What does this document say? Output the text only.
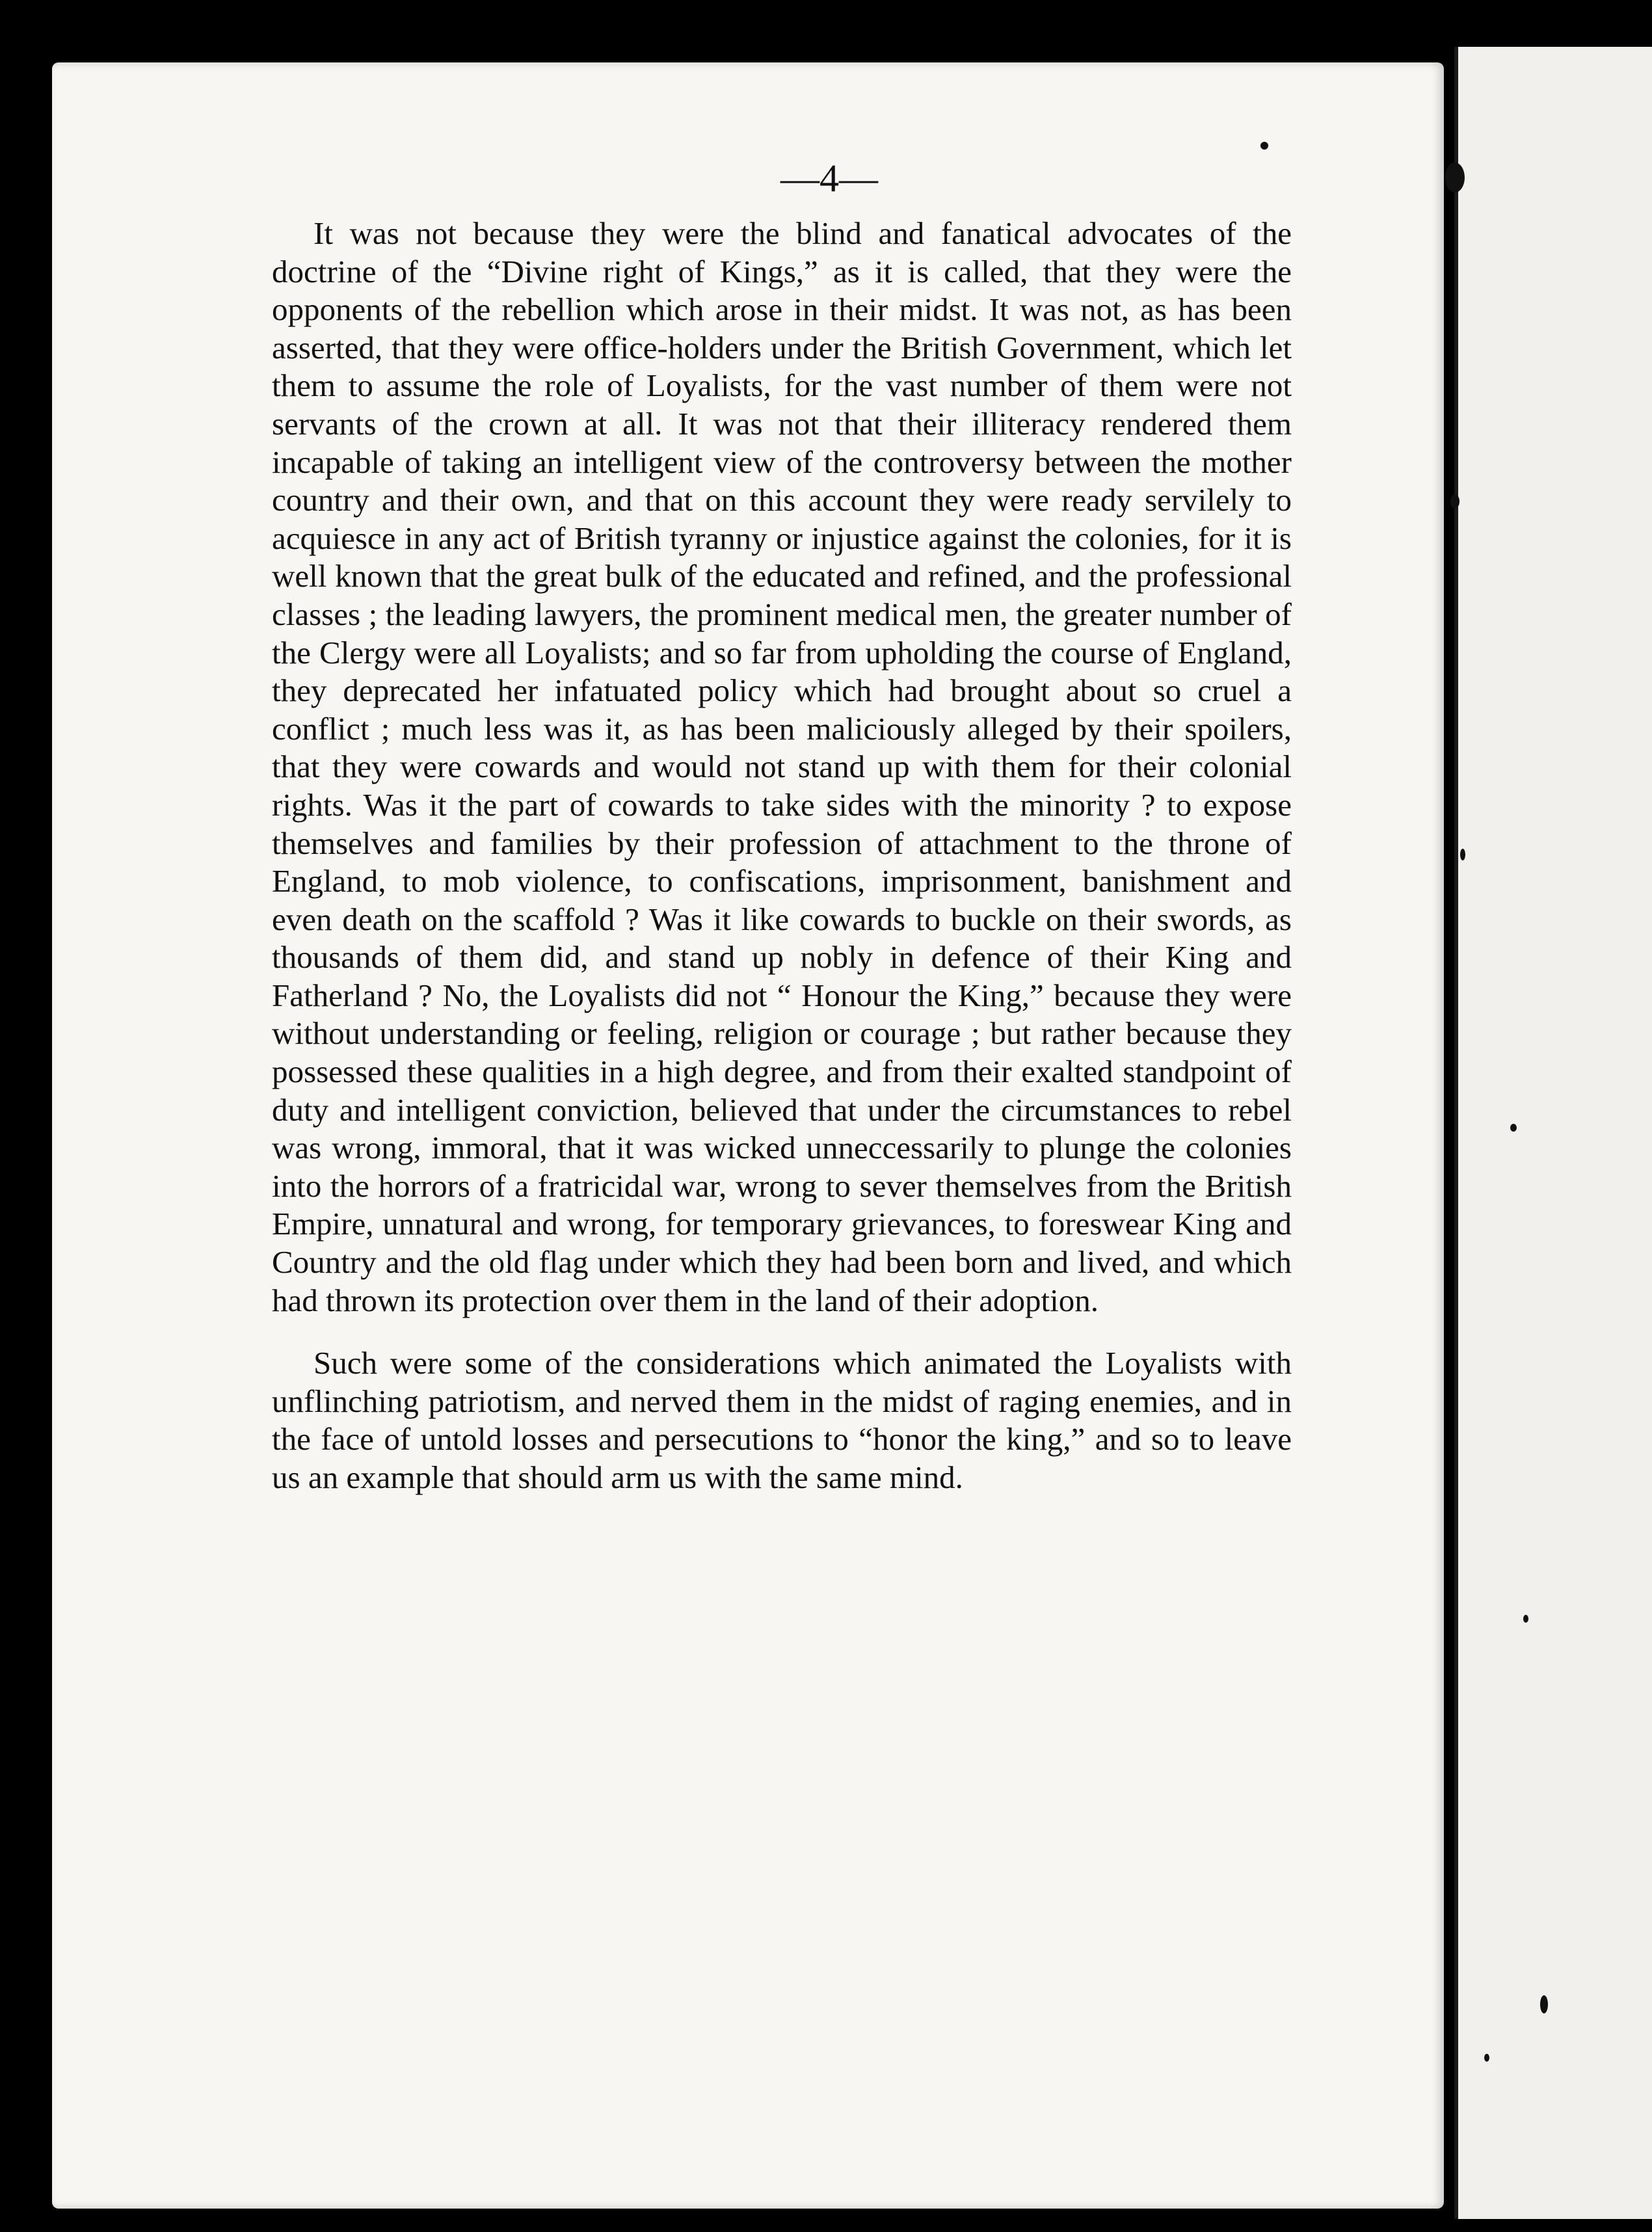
—4—

It was not because they were the blind and fanatical advocates of the doctrine of the “Divine right of Kings,” as it is called, that they were the opponents of the rebellion which arose in their midst. It was not, as has been asserted, that they were office-holders under the British Government, which let them to assume the role of Loyalists, for the vast number of them were not servants of the crown at all. It was not that their illiteracy rendered them incapable of taking an intelligent view of the controversy between the mother country and their own, and that on this account they were ready servilely to acquiesce in any act of British tyranny or injustice against the colonies, for it is well known that the great bulk of the educated and refined, and the professional classes ; the leading lawyers, the prominent medical men, the greater number of the Clergy were all Loyalists; and so far from upholding the course of England, they deprecated her infatuated policy which had brought about so cruel a conflict ; much less was it, as has been maliciously alleged by their spoilers, that they were cowards and would not stand up with them for their colonial rights. Was it the part of cowards to take sides with the minority ? to expose themselves and families by their profession of attachment to the throne of England, to mob violence, to confiscations, imprisonment, banishment and even death on the scaffold ? Was it like cowards to buckle on their swords, as thousands of them did, and stand up nobly in defence of their King and Fatherland ? No, the Loyalists did not “ Honour the King,” because they were without understanding or feeling, religion or courage ; but rather because they possessed these qualities in a high degree, and from their exalted standpoint of duty and intelligent conviction, believed that under the circumstances to rebel was wrong, immoral, that it was wicked unneccessarily to plunge the colonies into the horrors of a fratricidal war, wrong to sever themselves from the British Empire, unnatural and wrong, for temporary grievances, to foreswear King and Country and the old flag under which they had been born and lived, and which had thrown its protection over them in the land of their adoption.

Such were some of the considerations which animated the Loyalists with unflinching patriotism, and nerved them in the midst of raging enemies, and in the face of untold losses and persecutions to “honor the king,” and so to leave us an example that should arm us with the same mind.
